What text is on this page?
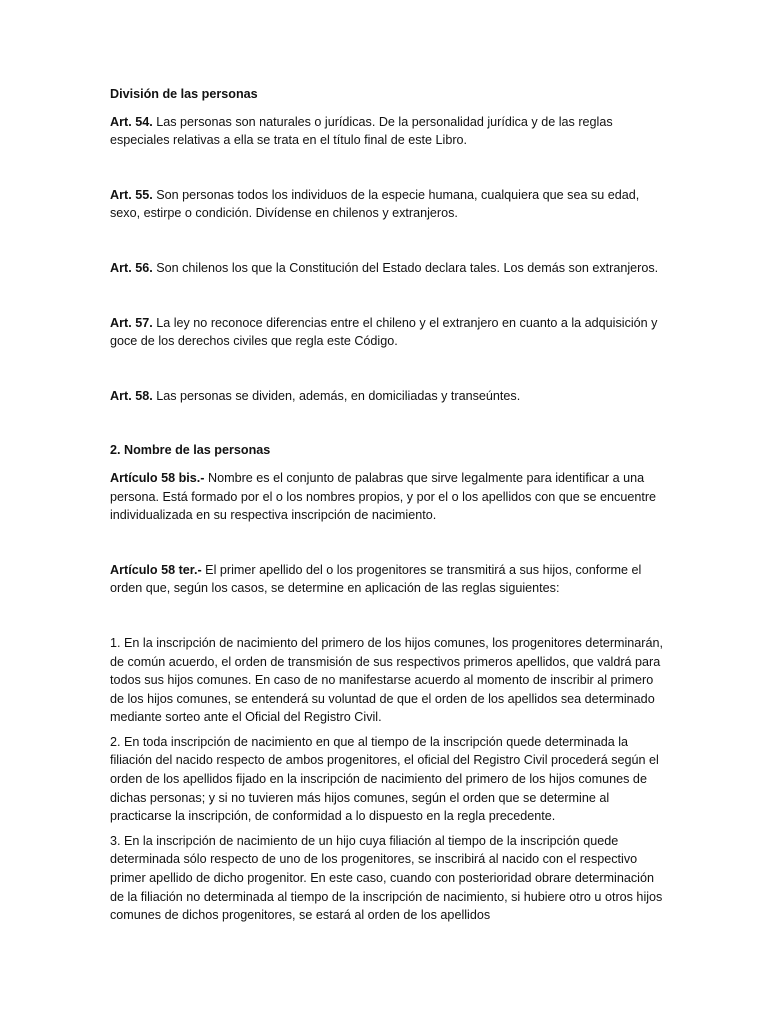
División de las personas

Art. 54. Las personas son naturales o jurídicas. De la personalidad jurídica y de las reglas especiales relativas a ella se trata en el título final de este Libro.

Art. 55. Son personas todos los individuos de la especie humana, cualquiera que sea su edad, sexo, estirpe o condición. Divídense en chilenos y extranjeros.

Art. 56. Son chilenos los que la Constitución del Estado declara tales. Los demás son extranjeros.

Art. 57. La ley no reconoce diferencias entre el chileno y el extranjero en cuanto a la adquisición y goce de los derechos civiles que regla este Código.

Art. 58. Las personas se dividen, además, en domiciliadas y transeúntes.

2. Nombre de las personas

Artículo 58 bis.- Nombre es el conjunto de palabras que sirve legalmente para identificar a una persona. Está formado por el o los nombres propios, y por el o los apellidos con que se encuentre individualizada en su respectiva inscripción de nacimiento.

Artículo 58 ter.- El primer apellido del o los progenitores se transmitirá a sus hijos, conforme el orden que, según los casos, se determine en aplicación de las reglas siguientes:

1. En la inscripción de nacimiento del primero de los hijos comunes, los progenitores determinarán, de común acuerdo, el orden de transmisión de sus respectivos primeros apellidos, que valdrá para todos sus hijos comunes. En caso de no manifestarse acuerdo al momento de inscribir al primero de los hijos comunes, se entenderá su voluntad de que el orden de los apellidos sea determinado mediante sorteo ante el Oficial del Registro Civil.

2. En toda inscripción de nacimiento en que al tiempo de la inscripción quede determinada la filiación del nacido respecto de ambos progenitores, el oficial del Registro Civil procederá según el orden de los apellidos fijado en la inscripción de nacimiento del primero de los hijos comunes de dichas personas; y si no tuvieren más hijos comunes, según el orden que se determine al practicarse la inscripción, de conformidad a lo dispuesto en la regla precedente.

3. En la inscripción de nacimiento de un hijo cuya filiación al tiempo de la inscripción quede determinada sólo respecto de uno de los progenitores, se inscribirá al nacido con el respectivo primer apellido de dicho progenitor. En este caso, cuando con posterioridad obrare determinación de la filiación no determinada al tiempo de la inscripción de nacimiento, si hubiere otro u otros hijos comunes de dichos progenitores, se estará al orden de los apellidos
